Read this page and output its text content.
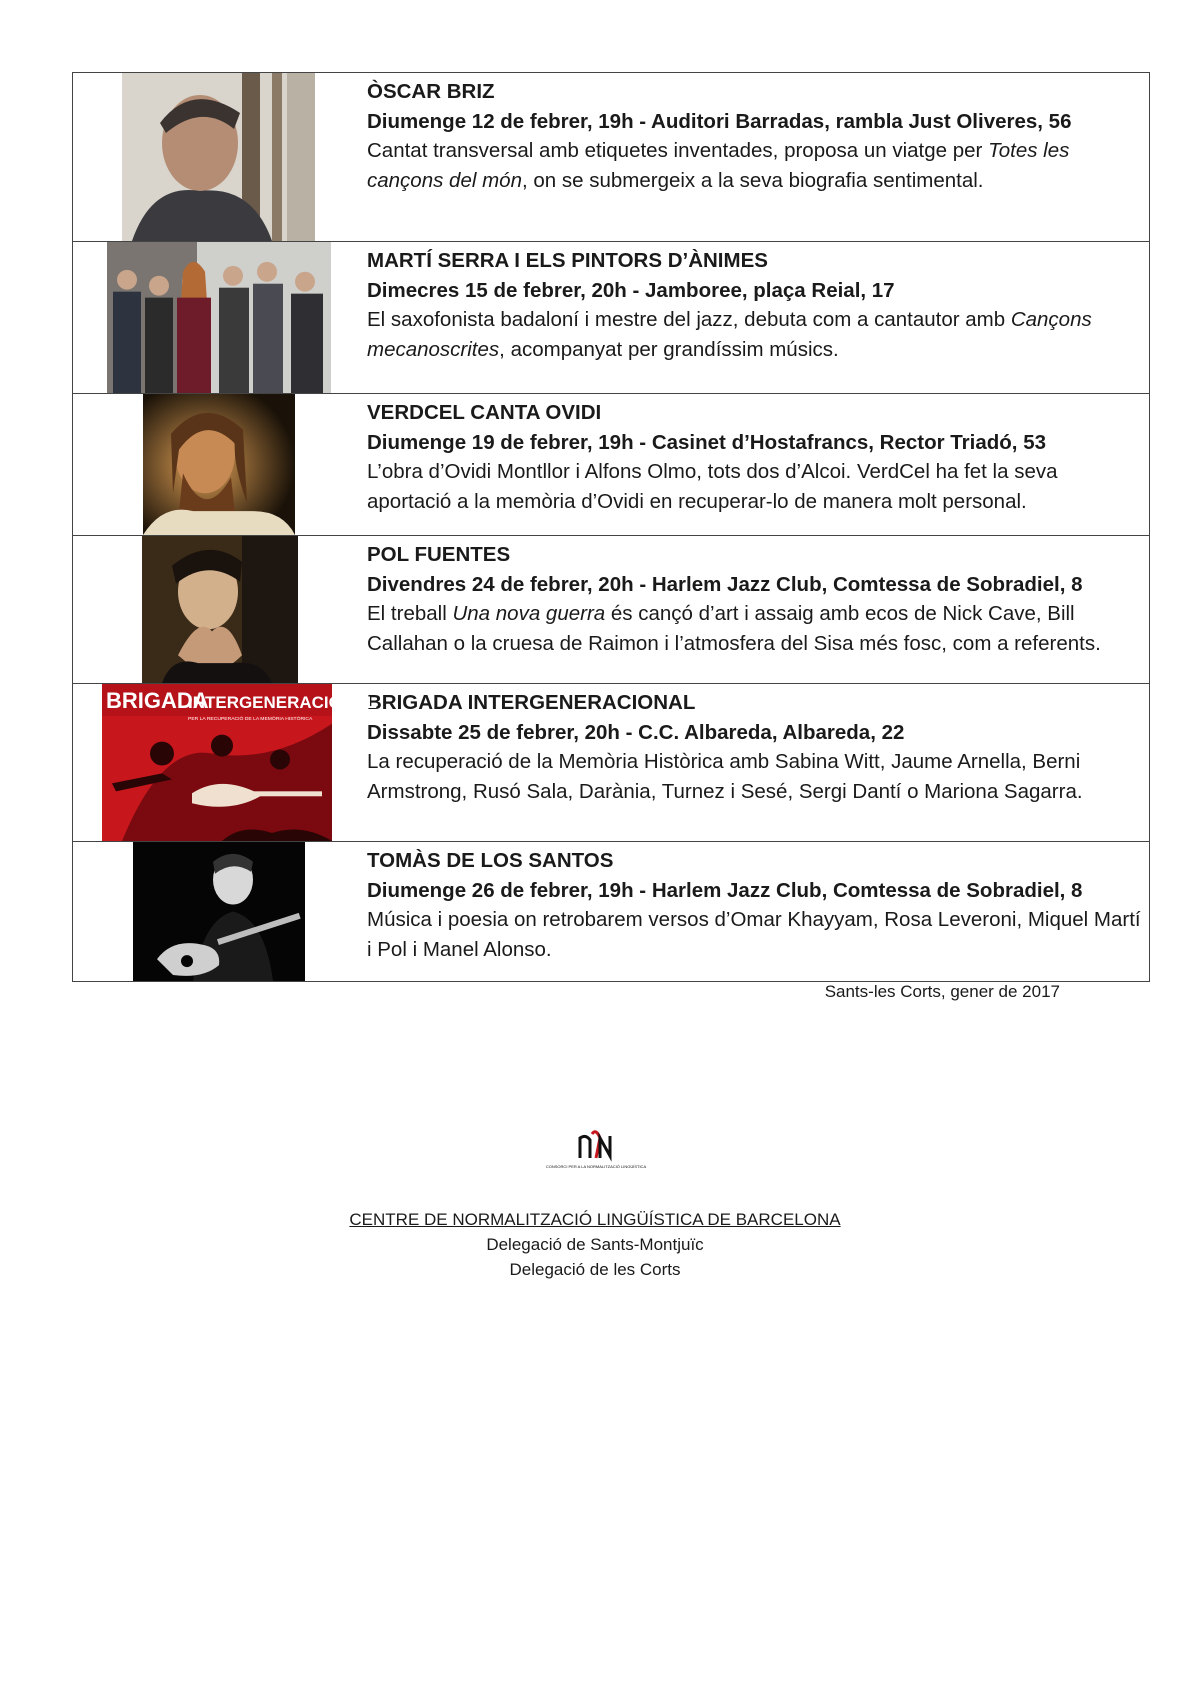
ÒSCAR BRIZ
Diumenge 12 de febrer, 19h - Auditori Barradas, rambla Just Oliveres, 56
Cantat transversal amb etiquetes inventades, proposa un viatge per Totes les cançons del món, on se submergeix a la seva biografia sentimental.
MARTÍ SERRA I ELS PINTORS D’ÀNIMES
Dimecres 15 de febrer, 20h - Jamboree, plaça Reial, 17
El saxofonista badaloní i mestre del jazz, debuta com a cantautor amb Cançons mecanoscrites, acompanyat per grandíssim músics.
VERDCEL CANTA OVIDI
Diumenge 19 de febrer, 19h - Casinet d’Hostafrancs, Rector Triadó, 53
L’obra d’Ovidi Montllor i Alfons Olmo, tots dos d’Alcoi. VerdCel ha fet la seva aportació a la memòria d’Ovidi en recuperar-lo de manera molt personal.
POL FUENTES
Divendres 24 de febrer, 20h - Harlem Jazz Club, Comtessa de Sobradiel, 8
El treball Una nova guerra és cançó d’art i assaig amb ecos de Nick Cave, Bill Callahan o la cruesa de Raimon i l’atmosfera del Sisa més fosc, com a referents.
BRIGADA
INTERGENERACIONAL
PER LA RECUPERACIÓ DE LA MEMÒRIA HISTÒRICA
BRIGADA INTERGENERACIONAL
Dissabte 25 de febrer, 20h - C.C. Albareda, Albareda, 22
La recuperació de la Memòria Històrica amb Sabina Witt, Jaume Arnella, Berni Armstrong, Rusó Sala, Darània, Turnez i Sesé, Sergi Dantí o Mariona Sagarra.
TOMÀS DE LOS SANTOS
Diumenge 26 de febrer, 19h - Harlem Jazz Club, Comtessa de Sobradiel, 8
Música i poesia on retrobarem versos d’Omar Khayyam, Rosa Leveroni, Miquel Martí i Pol i Manel Alonso.
Sants-les Corts, gener de 2017
CONSORCI PER A LA NORMALITZACIÓ LINGÜÍSTICA
CENTRE DE NORMALITZACIÓ LINGÜÍSTICA DE BARCELONA
Delegació de Sants-Montjuïc
Delegació de les Corts
